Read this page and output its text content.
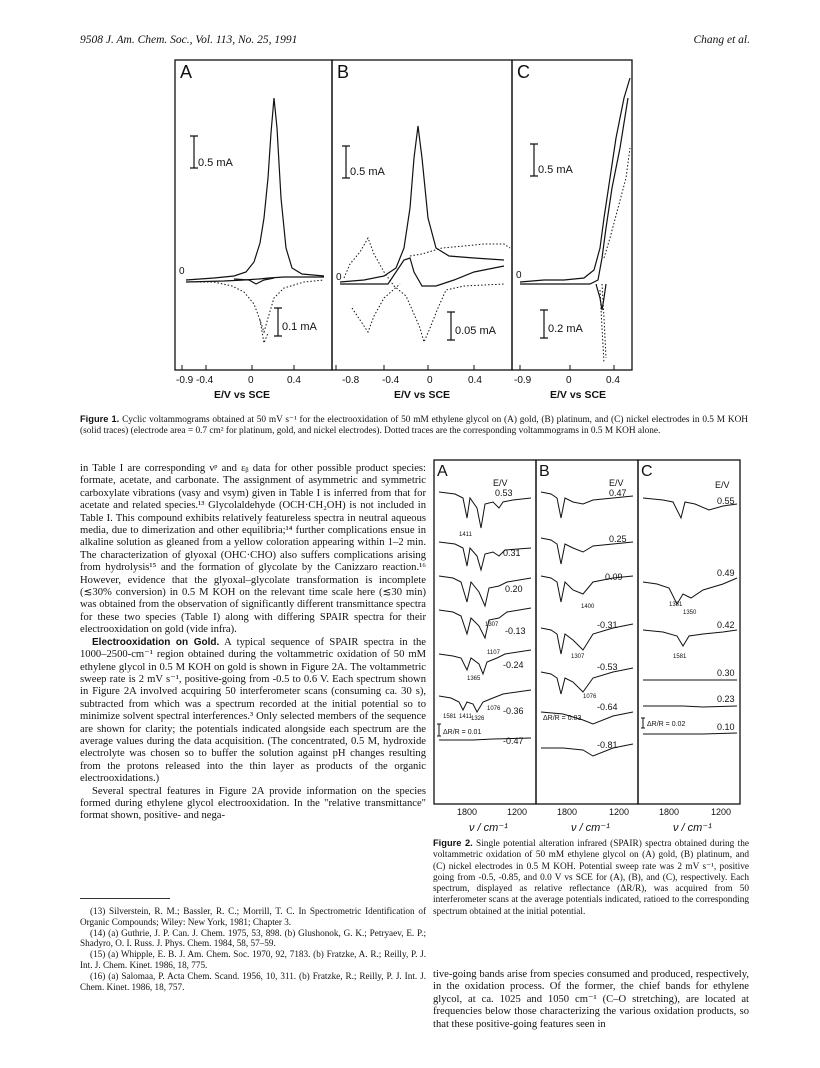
9508 J. Am. Chem. Soc., Vol. 113, No. 25, 1991	Chang et al.
A	B	C
0.5 mA
0.5 mA	0.5 mA
0.1 mA	0.05 mA	0.2 mA
0
0	0
-0.9 -0.4	0	0.4	-0.8 -0.4	0	0.4	-0.9	0	0.4
E/V vs SCE	E/V vs SCE	E/V vs SCE
Figure 1. Cyclic voltammograms obtained at 50 mV s⁻¹ for the electrooxidation of 50 mM ethylene glycol on (A) gold, (B) platinum, and (C) nickel electrodes in 0.5 M KOH (solid traces) (electrode area = 0.7 cm² for platinum, gold, and nickel electrodes). Dotted traces are the corresponding voltammograms in 0.5 M KOH alone.
A	B	C
E/V
0.53
0.31
0.20
-0.13
-0.24
-0.36
-0.47
1411
1307
1107
1365
1581 1411 1326
1076
ΔR/R = 0.01
E/V
0.47
0.25
0.09
-0.31
-0.53
-0.64
-0.81
1400
1307
1076
ΔR/R = 0.03
E/V
0.55
0.49
0.42
0.30
0.23
0.10
1381
1350
1581
ΔR/R = 0.02
1800	1200	1800	1200	1800	1200
ν / cm⁻¹	ν / cm⁻¹	ν / cm⁻¹
Figure 2. Single potential alteration infrared (SPAIR) spectra obtained during the voltammetric oxidation of 50 mM ethylene glycol on (A) gold, (B) platinum, and (C) nickel electrodes in 0.5 M KOH. Potential sweep rate was 2 mV s⁻¹, positive going from -0.5, -0.85, and 0.0 V vs SCE for (A), (B), and (C), respectively. Each spectrum, displayed as relative reflectance (ΔR/R), was acquired from 50 interferometer scans at the average potentials indicated, ratioed to the corresponding spectrum obtained at the initial potential.

in Table I are corresponding νᵖ and εᵦ data for other possible product species: formate, acetate, and carbonate. The assignment of asymmetric and symmetric carboxylate vibrations (νasy and νsym) given in Table I is inferred from that for acetate and related species.¹³ Glycolaldehyde (OCH·CH₂OH) is not included in Table I. This compound exhibits relatively featureless spectra in neutral aqueous media, due to dimerization and other equilibria;¹⁴ further complications ensue in alkaline solution as gleaned from a yellow coloration appearing within 1–2 min. The characterization of glyoxal (OHC·CHO) also suffers complications arising from hydrolysis¹⁵ and the formation of glycolate by the Canizzaro reaction.¹⁶ However, evidence that the glyoxal–glycolate transformation is incomplete (≲30% conversion) in 0.5 M KOH on the relevant time scale here (≲30 min) was obtained from the observation of significantly different transmittance spectra for these two species (Table I) along with differing SPAIR spectra for their electrooxidation on gold (vide infra).

Electrooxidation on Gold. A typical sequence of SPAIR spectra in the 1000–2500-cm⁻¹ region obtained during the voltammetric oxidation of 50 mM ethylene glycol in 0.5 M KOH on gold is shown in Figure 2A. The voltammetric sweep rate is 2 mV s⁻¹, positive-going from -0.5 to 0.6 V. Each spectrum shown in Figure 2A involved acquiring 50 interferometer scans (consuming ca. 30 s), subtracted from which was a spectrum recorded at the initial potential so to minimize solvent spectral interferences.³ Only selected members of the sequence are shown for clarity; the potentials indicated alongside each spectrum are the average values during the data acquisition. (The concentrated, 0.5 M, hydroxide electrolyte was chosen so to buffer the solution against pH changes resulting from the protons released into the thin layer as products of the organic electrooxidations.)

Several spectral features in Figure 2A provide information on the species formed during ethylene glycol electrooxidation. In the "relative transmittance" format shown, positive- and nega-

(13) Silverstein, R. M.; Bassler, R. C.; Morrill, T. C. In Spectrometric Identification of Organic Compounds; Wiley: New York, 1981; Chapter 3.

(14) (a) Guthrie, J. P. Can. J. Chem. 1975, 53, 898. (b) Glushonok, G. K.; Petryaev, E. P.; Shadyro, O. I. Russ. J. Phys. Chem. 1984, 58, 57–59.

(15) (a) Whipple, E. B. J. Am. Chem. Soc. 1970, 92, 7183. (b) Fratzke, A. R.; Reilly, P. J. Int. J. Chem. Kinet. 1986, 18, 775.

(16) (a) Salomaa, P. Acta Chem. Scand. 1956, 10, 311. (b) Fratzke, R.; Reilly, P. J. Int. J. Chem. Kinet. 1986, 18, 757.

tive-going bands arise from species consumed and produced, respectively, in the oxidation process. Of the former, the chief bands for ethylene glycol, at ca. 1025 and 1050 cm⁻¹ (C–O stretching), are located at frequencies below those characterizing the various oxidation products, so that these positive-going features seen in
